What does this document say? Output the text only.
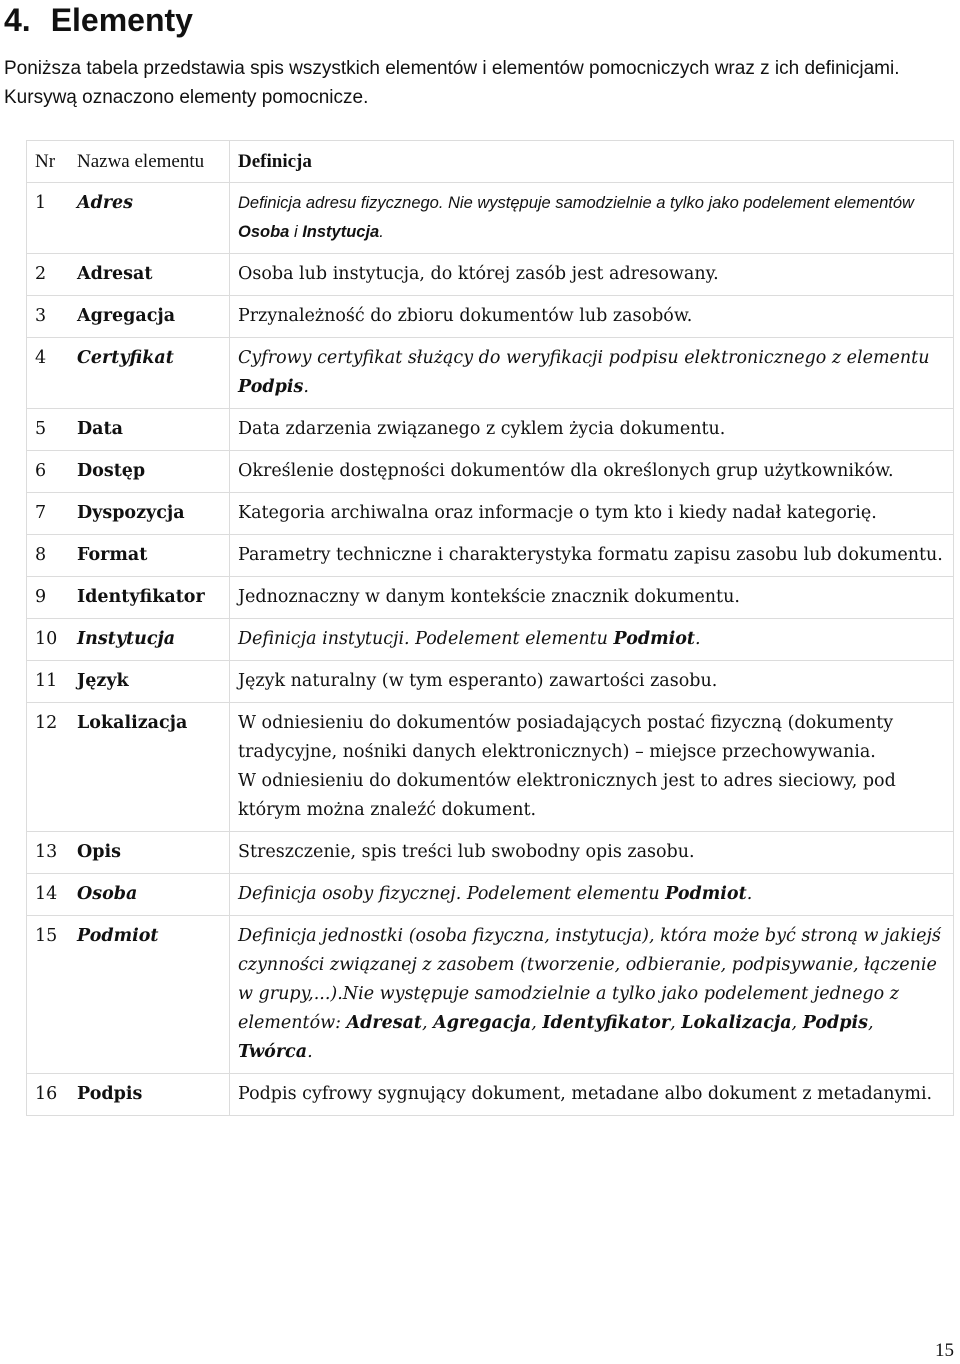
4. Elementy

Poniższa tabela przedstawia spis wszystkich elementów i elementów pomocniczych wraz z ich definicjami. Kursywą oznaczono elementy pomocnicze.

Nr	Nazwa elementu	Definicja
1	Adres	Definicja adresu fizycznego. Nie występuje samodzielnie a tylko jako podelement elementów Osoba i Instytucja.
2	Adresat	Osoba lub instytucja, do której zasób jest adresowany.
3	Agregacja	Przynależność do zbioru dokumentów lub zasobów.
4	Certyfikat	Cyfrowy certyfikat służący do weryfikacji podpisu elektronicznego z elementu Podpis.
5	Data	Data zdarzenia związanego z cyklem życia dokumentu.
6	Dostęp	Określenie dostępności dokumentów dla określonych grup użytkowników.
7	Dyspozycja	Kategoria archiwalna oraz informacje o tym kto i kiedy nadał kategorię.
8	Format	Parametry techniczne i charakterystyka formatu zapisu zasobu lub dokumentu.
9	Identyfikator	Jednoznaczny w danym kontekście znacznik dokumentu.
10	Instytucja	Definicja instytucji. Podelement elementu Podmiot.
11	Język	Język naturalny (w tym esperanto) zawartości zasobu.
12	Lokalizacja	W odniesieniu do dokumentów posiadających postać fizyczną (dokumenty tradycyjne, nośniki danych elektronicznych) – miejsce przechowywania.
W odniesieniu do dokumentów elektronicznych jest to adres sieciowy, pod którym można znaleźć dokument.
13	Opis	Streszczenie, spis treści lub swobodny opis zasobu.
14	Osoba	Definicja osoby fizycznej. Podelement elementu Podmiot.
15	Podmiot	Definicja jednostki (osoba fizyczna, instytucja), która może być stroną w jakiejś czynności związanej z zasobem (tworzenie, odbieranie, podpisywanie, łączenie w grupy,...).Nie występuje samodzielnie a tylko jako podelement jednego z elementów: Adresat, Agregacja, Identyfikator, Lokalizacja, Podpis, Twórca.
16	Podpis	Podpis cyfrowy sygnujący dokument, metadane albo dokument z metadanymi.
15
